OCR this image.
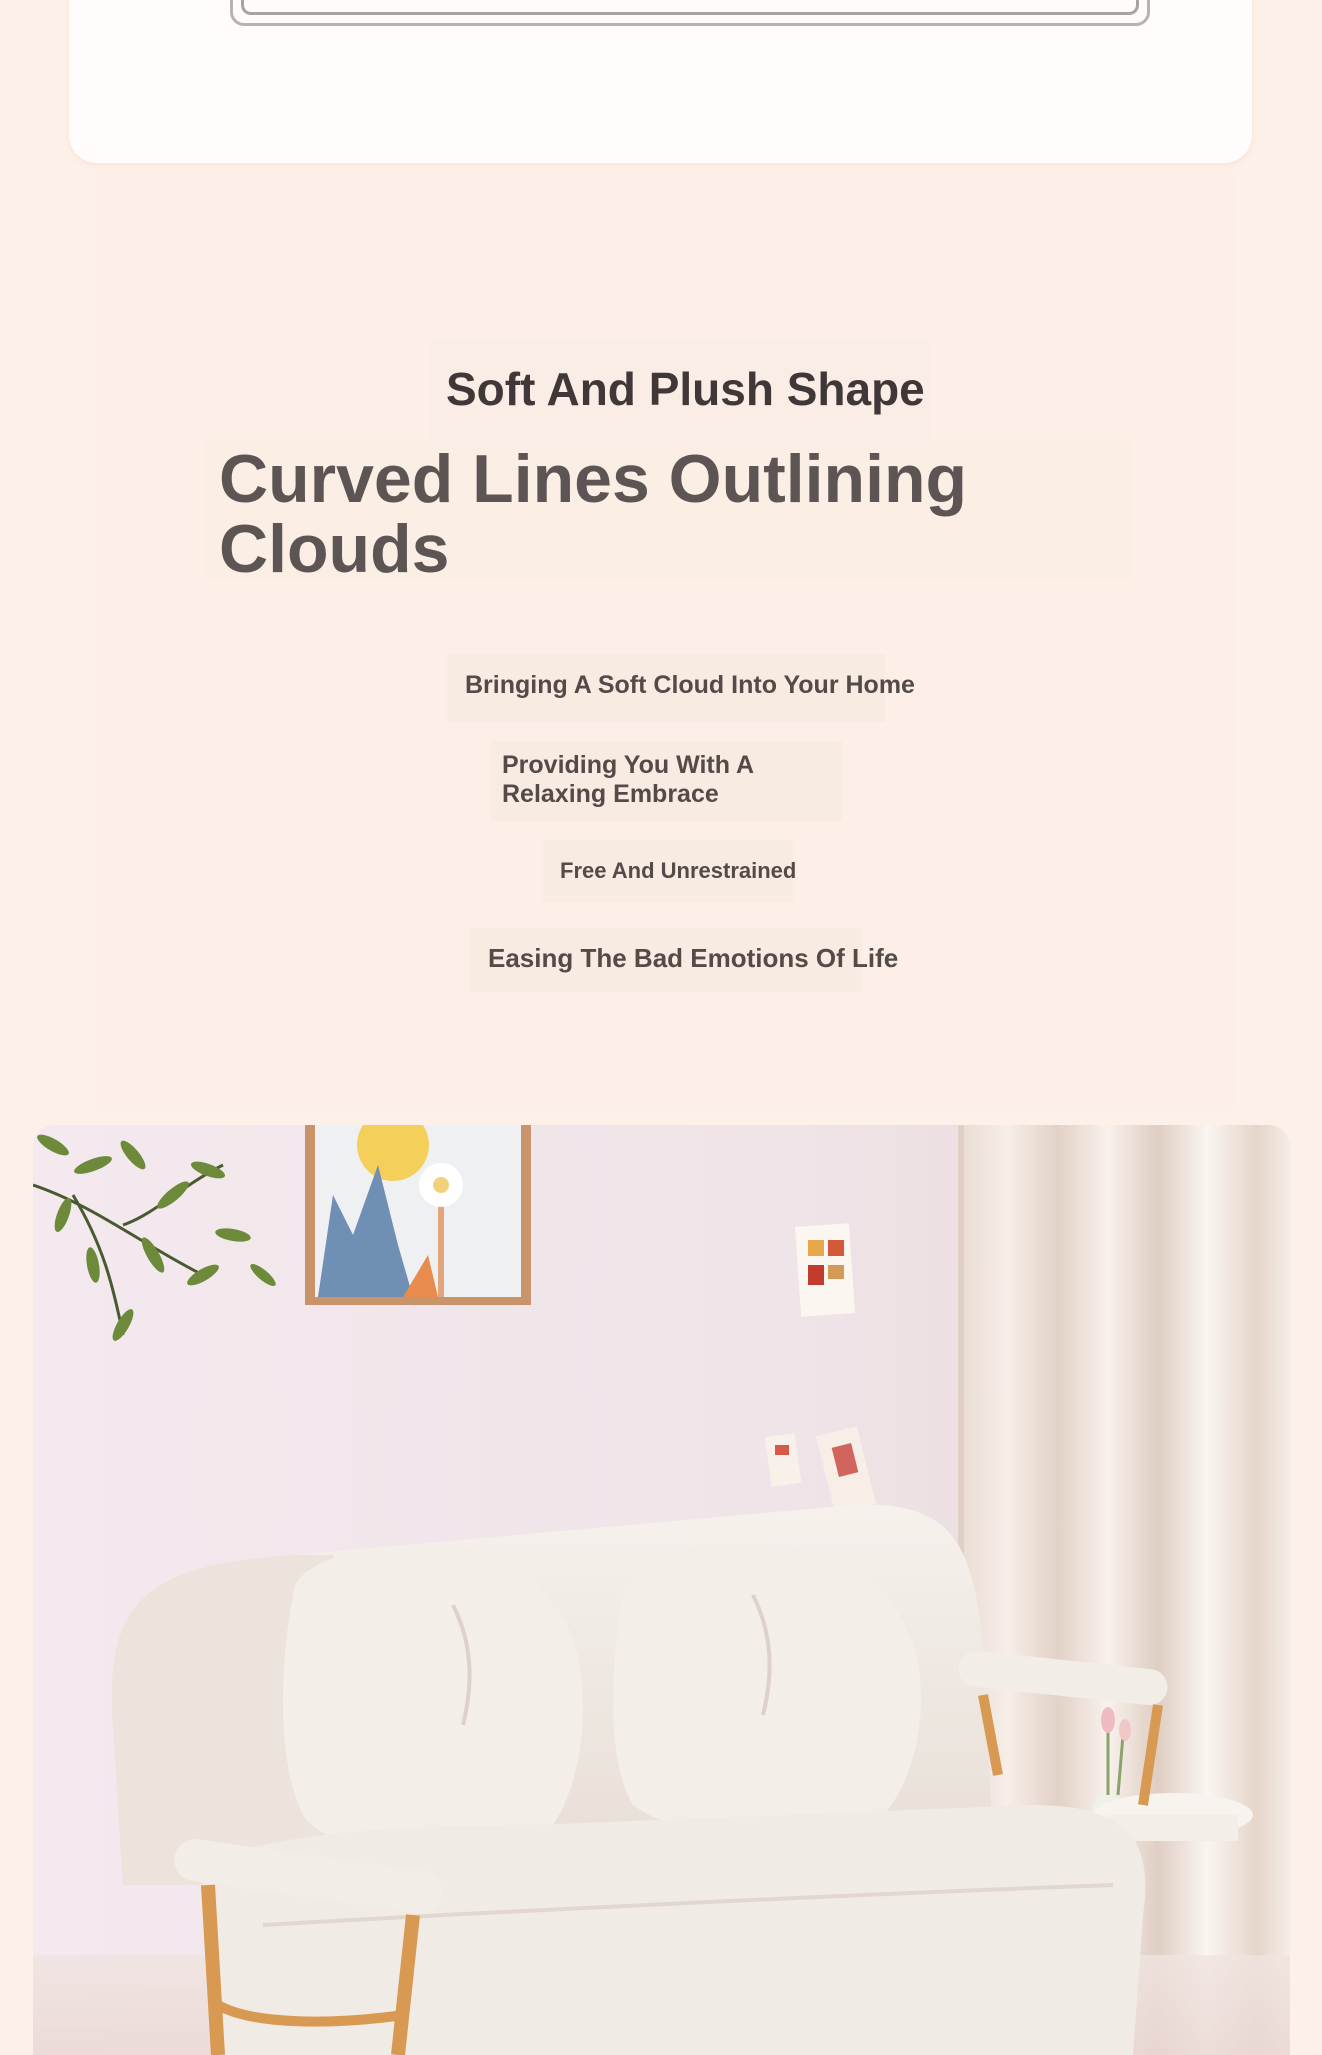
Soft And Plush Shape
Curved Lines Outlining Clouds
Bringing A Soft Cloud Into Your Home
Providing You With A Relaxing Embrace
Free And Unrestrained
Easing The Bad Emotions Of Life
